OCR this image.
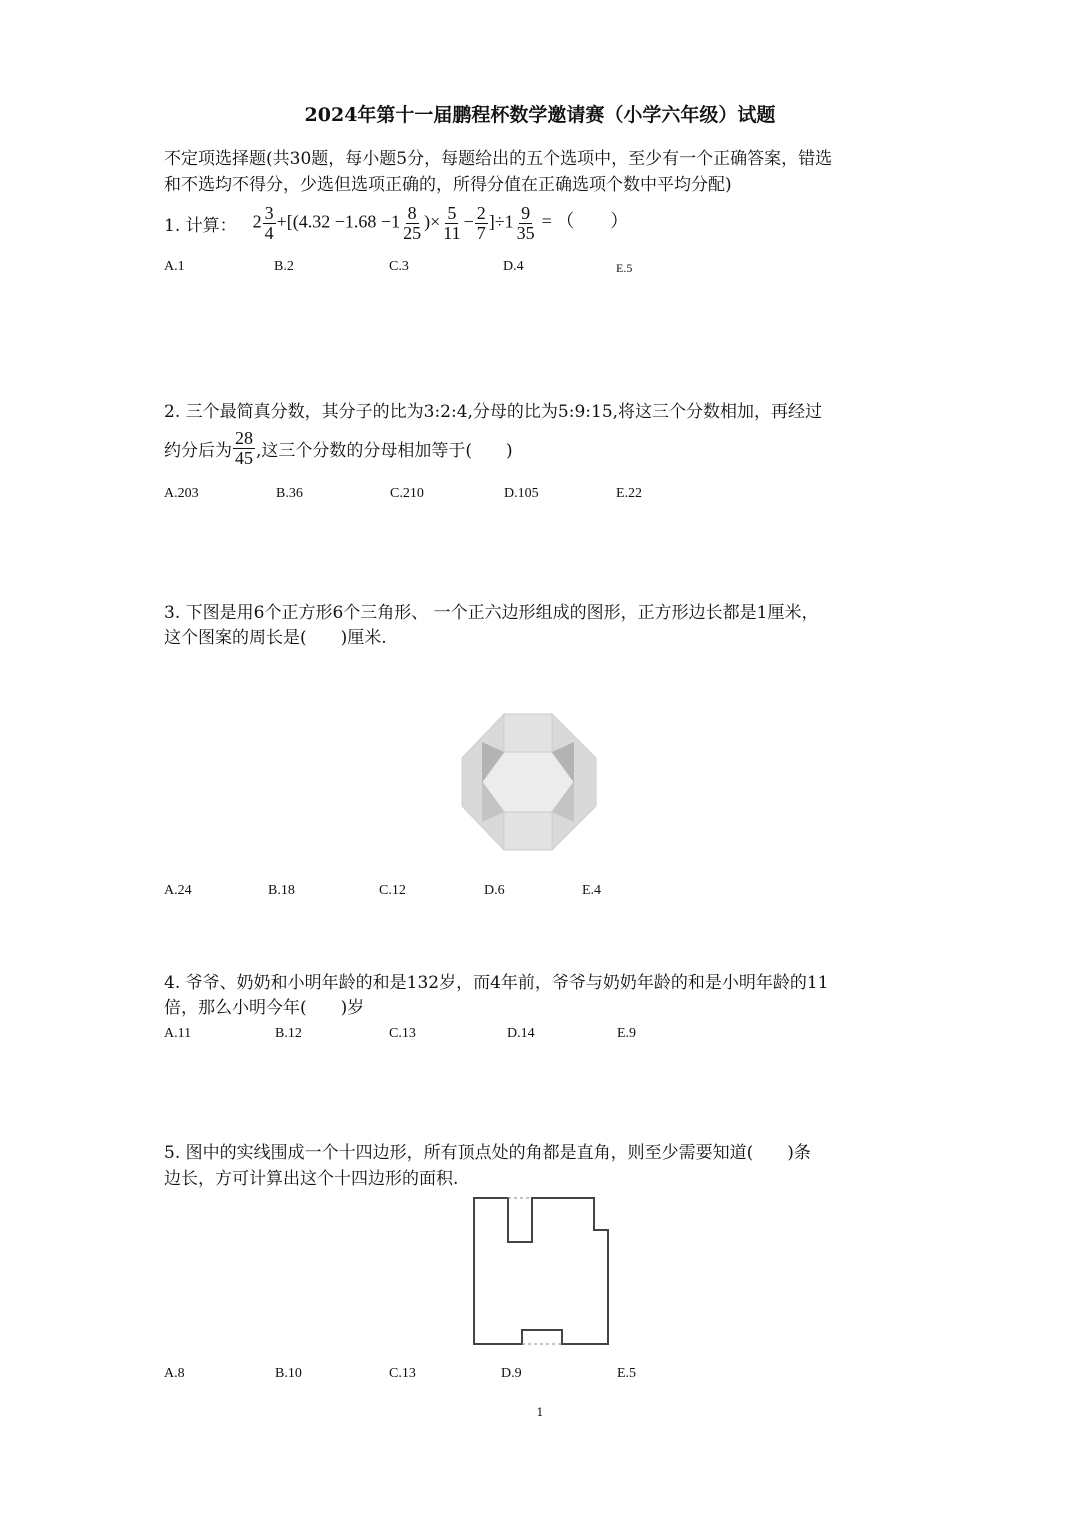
2024年第十一届鹏程杯数学邀请赛（小学六年级）试题
不定项选择题(共30题，每小题5分，每题给出的五个选项中，至少有一个正确答案，错选
和不选均不得分，少选但选项正确的，所得分值在正确选项个数中平均分配)
1. 计算： $2 \frac{3}{4} +[(4.32 -1.68 -1 \frac{8}{25}$ )× $\frac{5}{11} - \frac{2}{7} ]\div 1 \frac{9}{35}$ = （　　）
A.1	B.2	C.3	D.4	E.5
2. 三个最简真分数，其分子的比为3:2:4,分母的比为5:9:15,将这三个分数相加，再经过
约分后为 $\frac{28}{45}$ ,这三个分数的分母相加等于(　　)
A.203	B.36	C.210	D.105	E.22
3. 下图是用6个正方形6个三角形、 一个正六边形组成的图形，正方形边长都是1厘米，
这个图案的周长是(　　)厘米.
A.24	B.18	C.12	D.6	E.4
4. 爷爷、奶奶和小明年龄的和是132岁，而4年前，爷爷与奶奶年龄的和是小明年龄的11
倍，那么小明今年(　　)岁
A.11	B.12	C.13	D.14	E.9
5. 图中的实线围成一个十四边形，所有顶点处的角都是直角，则至少需要知道(　　)条
边长，方可计算出这个十四边形的面积.
A.8	B.10	C.13	D.9	E.5
1
